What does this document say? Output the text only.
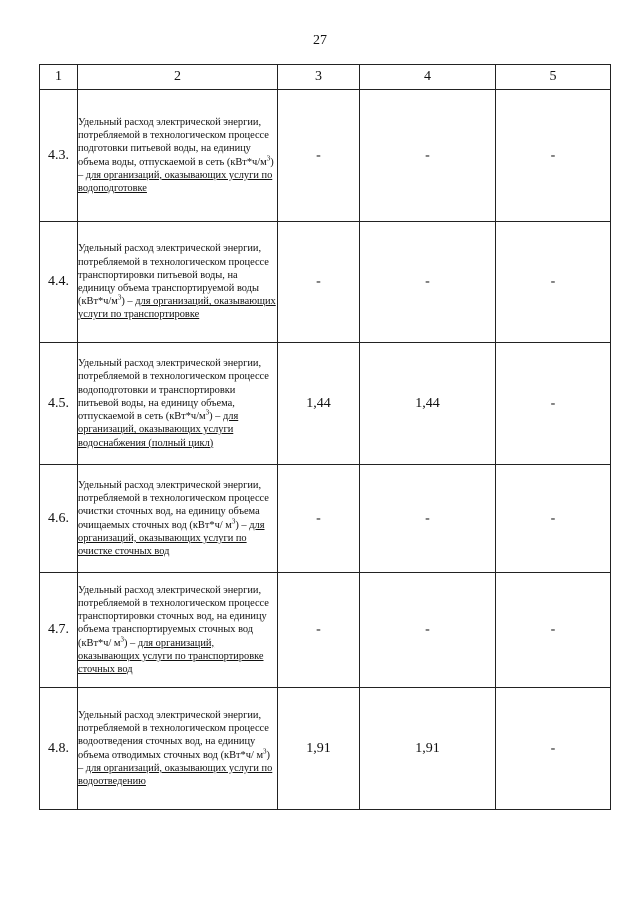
27
1	2	3	4	5
4.3.	Удельный расход электрической энергии, потребляемой в технологическом процессе подготовки питьевой воды, на единицу объема воды, отпускаемой в сеть $(кВт*ч/м^3)$ – для организаций, оказывающих услуги по водоподготовке	-	-	-
4.4.	Удельный расход электрической энергии, потребляемой в технологическом процессе транспортировки питьевой воды, на единицу объема транспортируемой воды $(кВт*ч/м^3)$ – для организаций, оказывающих услуги по транспортировке	-	-	-
4.5.	Удельный расход электрической энергии, потребляемой в технологическом процессе водоподготовки и транспортировки питьевой воды, на единицу объема, отпускаемой в сеть $(кВт*ч/м^3)$ – для организаций, оказывающих услуги водоснабжения (полный цикл)	1,44	1,44	-
4.6.	Удельный расход электрической энергии, потребляемой в технологическом процессе очистки сточных вод, на единицу объема очищаемых сточных вод (кВт*ч/ $м^3$) – для организаций, оказывающих услуги по очистке сточных вод	-	-	-
4.7.	Удельный расход электрической энергии, потребляемой в технологическом процессе транспортировки сточных вод, на единицу объема транспортируемых сточных вод (кВт*ч/ $м^3$) – для организаций, оказывающих услуги по транспортировке сточных вод	-	-	-
4.8.	Удельный расход электрической энергии, потребляемой в технологическом процессе водоотведения сточных вод, на единицу объема отводимых сточных вод (кВт*ч/ $м^3$) – для организаций, оказывающих услуги по водоотведению	1,91	1,91	-
